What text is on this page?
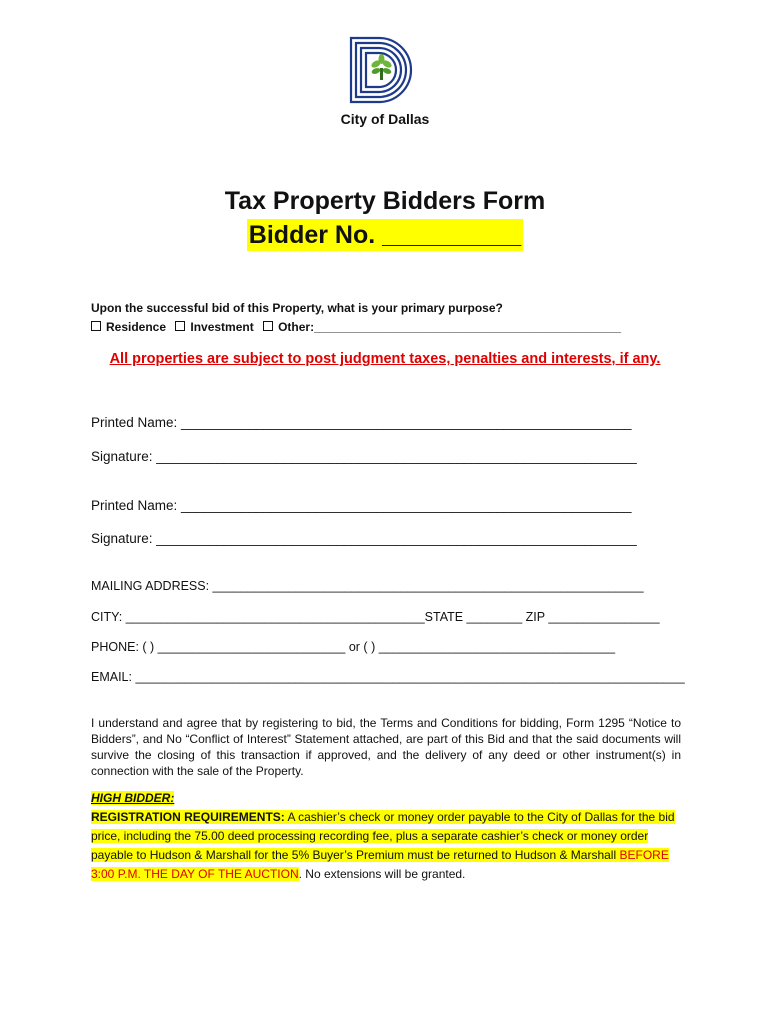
City of Dallas
Tax Property Bidders Form
Bidder No. __________
Upon the successful bid of this Property, what is your primary purpose?
Residence Investment Other:______________________________________________
All properties are subject to post judgment taxes, penalties and interests, if any.
Printed Name: ____________________________________________________________
Signature: ________________________________________________________________
Printed Name: ____________________________________________________________
Signature: ________________________________________________________________
MAILING ADDRESS: ______________________________________________________________
CITY: ___________________________________________STATE ________ ZIP ________________
PHONE: ( ) ___________________________ or ( ) __________________________________
EMAIL: _______________________________________________________________________________
I understand and agree that by registering to bid, the Terms and Conditions for bidding, Form 1295 “Notice to Bidders”, and No “Conflict of Interest” Statement attached, are part of this Bid and that the said documents will survive the closing of this transaction if approved, and the delivery of any deed or other instrument(s) in connection with the sale of the Property.
HIGH BIDDER:
REGISTRATION REQUIREMENTS: A cashier’s check or money order payable to the City of Dallas for the bid price, including the 75.00 deed processing recording fee, plus a separate cashier’s check or money order payable to Hudson & Marshall for the 5% Buyer’s Premium must be returned to Hudson & Marshall BEFORE 3:00 P.M. THE DAY OF THE AUCTION. No extensions will be granted.
